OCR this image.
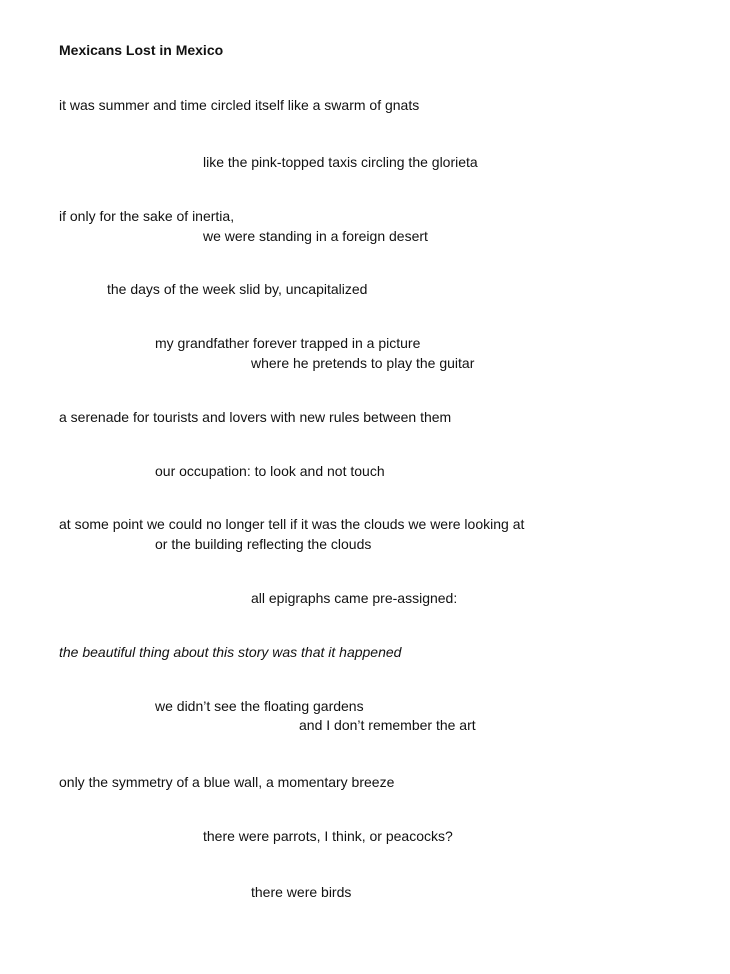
Mexicans Lost in Mexico
it was summer and time circled itself like a swarm of gnats
like the pink-topped taxis circling the glorieta
if only for the sake of inertia,
we were standing in a foreign desert
the days of the week slid by, uncapitalized
my grandfather forever trapped in a picture
where he pretends to play the guitar
a serenade for tourists and lovers with new rules between them
our occupation: to look and not touch
at some point we could no longer tell if it was the clouds we were looking at
or the building reflecting the clouds
all epigraphs came pre-assigned:
the beautiful thing about this story was that it happened
we didn’t see the floating gardens
and I don’t remember the art
only the symmetry of a blue wall, a momentary breeze
there were parrots, I think, or peacocks?
there were birds
